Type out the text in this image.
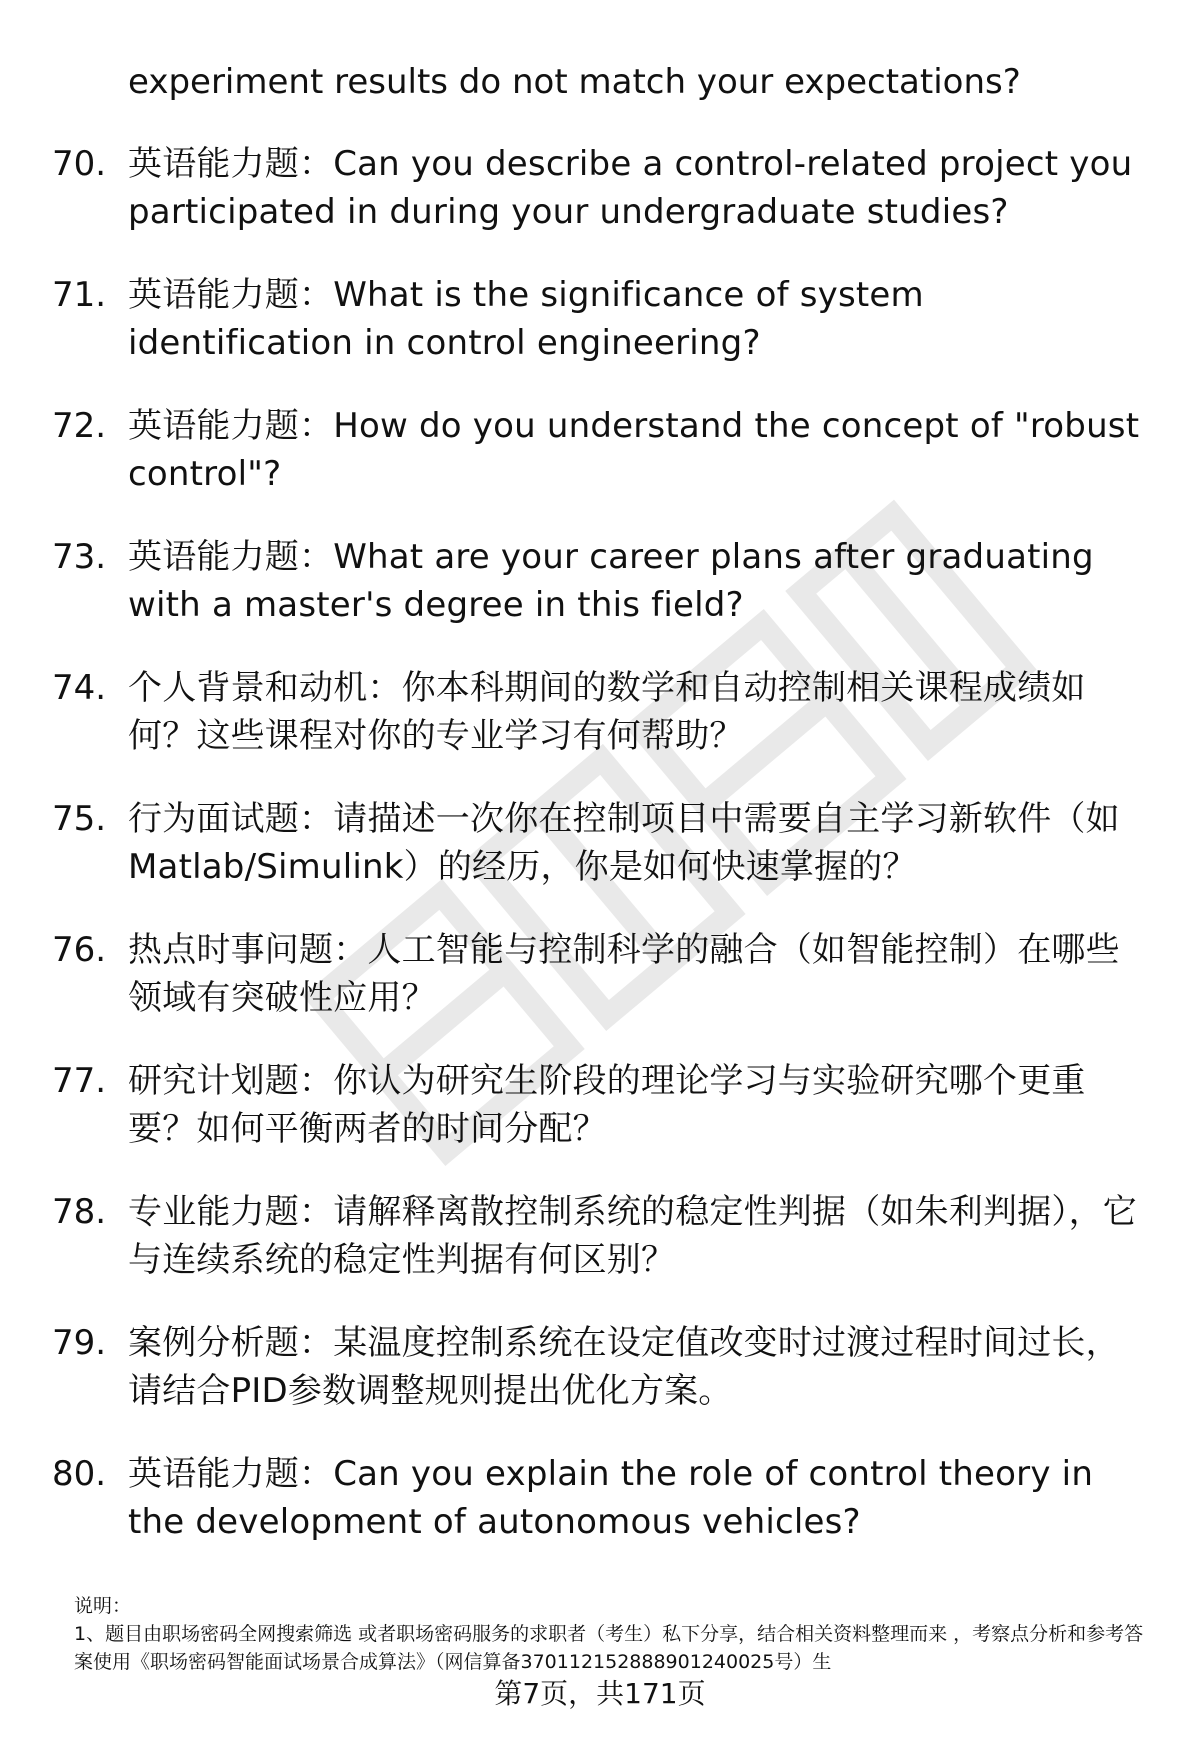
experiment results do not match your expectations?
70. 英语能力题：Can you describe a control-related project you participated in during your undergraduate studies?
71. 英语能力题：What is the significance of system identification in control engineering?
72. 英语能力题：How do you understand the concept of "robust control"?
73. 英语能力题：What are your career plans after graduating with a master's degree in this field?
74. 个人背景和动机：你本科期间的数学和自动控制相关课程成绩如何？这些课程对你的专业学习有何帮助？
75. 行为面试题：请描述一次你在控制项目中需要自主学习新软件（如Matlab/Simulink）的经历，你是如何快速掌握的？
76. 热点时事问题：人工智能与控制科学的融合（如智能控制）在哪些领域有突破性应用？
77. 研究计划题：你认为研究生阶段的理论学习与实验研究哪个更重要？如何平衡两者的时间分配？
78. 专业能力题：请解释离散控制系统的稳定性判据（如朱利判据），它与连续系统的稳定性判据有何区别？
79. 案例分析题：某温度控制系统在设定值改变时过渡过程时间过长，请结合PID参数调整规则提出优化方案。
80. 英语能力题：Can you explain the role of control theory in the development of autonomous vehicles?
说明：
1、题目由职场密码全网搜索筛选 或者职场密码服务的求职者（考生）私下分享，结合相关资料整理而来 ，考察点分析和参考答案使用《职场密码智能面试场景合成算法》（网信算备370112152888901240025号）生
第7页，共171页
